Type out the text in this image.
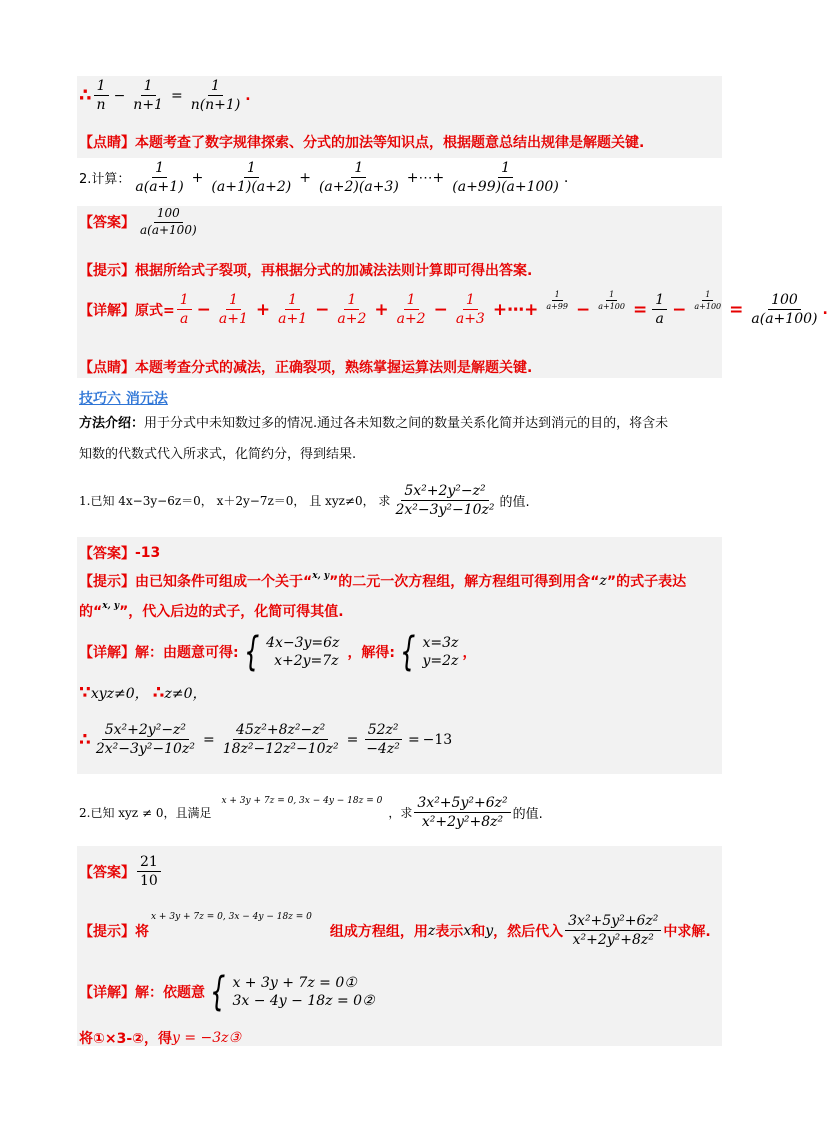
∴ $\frac{1}{n} - \frac{1}{n+1} = \frac{1}{n(n+1)}$ .
【点睛】 本题考查了数字规律探索、分式的加法等知识点，根据题意总结出规律是解题关键.
2.计算： $\frac{1}{a(a+1)} + \frac{1}{(a+1)(a+2)} + \frac{1}{(a+2)(a+3)}$ +⋯+ $\frac{1}{(a+99)(a+100)}$ .
【答案】 $\frac{100}{a(a+100)}$
【提示】 根据所给式子裂项，再根据分式的加减法法则计算即可得出答案.
【详解】 原式= $\frac{1}{a} - \frac{1}{a+1} + \frac{1}{a+1} - \frac{1}{a+2} + \frac{1}{a+2} - \frac{1}{a+3}$ +⋯+ $\frac{1}{a+99} - \frac{1}{a+100} = \frac{1}{a} - \frac{1}{a+100} = \frac{100}{a(a+100)}$ .
【点睛】 本题考查分式的减法，正确裂项，熟练掌握运算法则是解题关键.
技巧六 消元法
方法介绍：用于分式中未知数过多的情况.通过各未知数之间的数量关系化简并达到消元的目的，将含未
知数的代数式代入所求式，化简约分，得到结果.
1.已知 4x−3y−6z＝0， x＋2y−7z＝0， 且 xyz≠0， 求 $\frac{\text{5x²+2y²−z²}}{\text{2x²−3y²−10z²}}$ 的值.
【答案】 -13
【提示】 由已知条件可组成一个关于“ x, y ”的二元一次方程组，解方程组可得到用含“ z ”的式子表达
的“ x, y ”，代入后边的式子，化简可得其值.
【详解】 解：由题意可得: { 4x−3y=6z
x+2y=7z ，解得: { x=3z
y=2z ，
∵ xyz≠0， ∴ z≠0，
∴ $\frac{\text{5x²+2y²−z²}}{\text{2x²−3y²−10z²}} = \frac{\text{45z²+8z²−z²}}{\text{18z²−12z²−10z²}} = \frac{\text{52z²}}{\text{−4z²}} = -13$
2.已知 xyz ≠ 0，且满足
x + 3y + 7z = 0, 3x − 4y − 18z = 0
，求 $\frac{\text{3x²+5y²+6z²}}{\text{x²+2y²+8z²}}$ 的值.
【答案】 $\frac{21}{10}$
【提示】 将
x + 3y + 7z = 0, 3x − 4y − 18z = 0
组成方程组，用 z 表示 x 和 y ，然后代入 $\frac{\text{3x²+5y²+6z²}}{\text{x²+2y²+8z²}}$ 中求解.
【详解】 解：依题意 { x + 3y + 7z = 0①
3x − 4y − 18z = 0②
将①×3-②，得 y = −3z③
